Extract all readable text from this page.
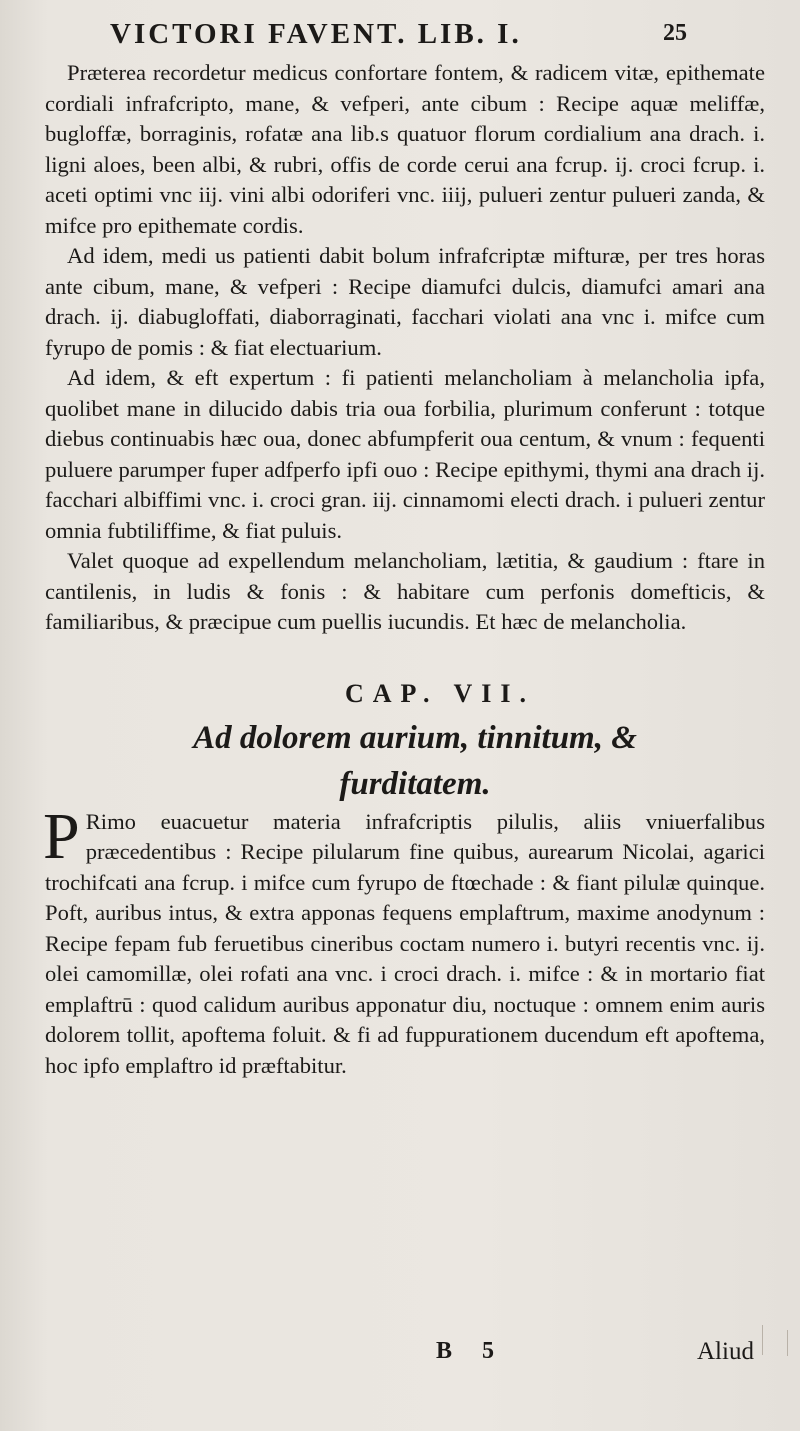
VICTORI FAVENT. LIB. I.	25

Præterea recordetur medicus confortare fontem, & radicem vitæ, epithemate cordiali infrafcripto, mane, & vefperi, ante cibum : Recipe aquæ meliffæ, bugloffæ, borraginis, rofatæ ana lib.s quatuor florum cordialium ana drach. i. ligni aloes, been albi, & rubri, offis de corde cerui ana fcrup. ij. croci fcrup. i. aceti optimi vnc iij. vini albi odoriferi vnc. iiij, pulueri zentur pulueri zanda, & mifce pro epithemate cordis.

Ad idem, medi us patienti dabit bolum infrafcriptæ mifturæ, per tres horas ante cibum, mane, & vefperi : Recipe diamufci dulcis, diamufci amari ana drach. ij. diabugloffati, diaborraginati, facchari violati ana vnc i. mifce cum fyrupo de pomis : & fiat electuarium.

Ad idem, & eft expertum : fi patienti melancholiam à melancholia ipfa, quolibet mane in dilucido dabis tria oua forbilia, plurimum conferunt : totque diebus continuabis hæc oua, donec abfumpferit oua centum, & vnum : fequenti puluere parumper fuper adfperfo ipfi ouo : Recipe epithymi, thymi ana drach ij. facchari albiffimi vnc. i. croci gran. iij. cinnamomi electi drach. i pulueri zentur omnia fubtiliffime, & fiat puluis.

Valet quoque ad expellendum melancholiam, lætitia, & gaudium : ftare in cantilenis, in ludis & fonis : & habitare cum perfonis domefticis, & familiaribus, & præcipue cum puellis iucundis. Et hæc de melancholia.

CAP. VII.
Ad dolorem aurium, tinnitum, &
furditatem.

P Rimo euacuetur materia infrafcriptis pilulis, aliis vniuerfalibus præcedentibus : Recipe pilularum fine quibus, aurearum Nicolai, agarici trochifcati ana fcrup. i mifce cum fyrupo de ftœchade : & fiant pilulæ quinque. Poft, auribus intus, & extra apponas fequens emplaftrum, maxime anodynum : Recipe fepam fub feruetibus cineribus coctam numero i. butyri recentis vnc. ij. olei camomillæ, olei rofati ana vnc. i croci drach. i. mifce : & in mortario fiat emplaftrū : quod calidum auribus apponatur diu, noctuque : omnem enim auris dolorem tollit, apoftema foluit. & fi ad fuppurationem ducendum eft apoftema, hoc ipfo emplaftro id præftabitur.

B 5	Aliud
